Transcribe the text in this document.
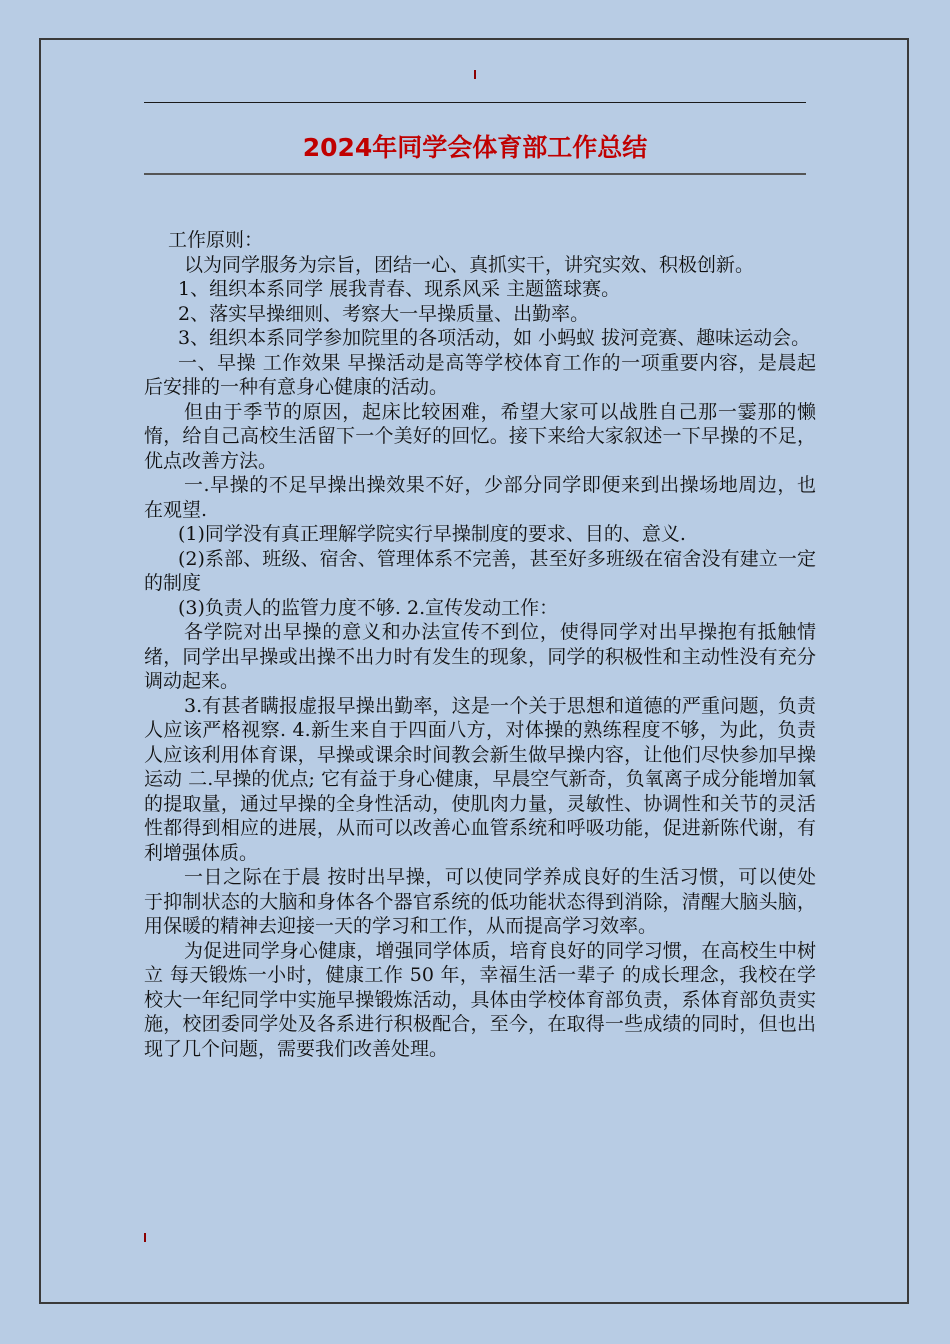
2024年同学会体育部工作总结

工作原则：

以为同学服务为宗旨，团结一心、真抓实干，讲究实效、积极创新。

1、组织本系同学 展我青春、现系风采 主题篮球赛。

2、落实早操细则、考察大一早操质量、出勤率。

3、组织本系同学参加院里的各项活动，如 小蚂蚁 拔河竞赛、趣味运动会。

一、早操 工作效果 早操活动是高等学校体育工作的一项重要内容，是晨起后安排的一种有意身心健康的活动。

但由于季节的原因，起床比较困难，希望大家可以战胜自己那一霎那的懒惰，给自己高校生活留下一个美好的回忆。接下来给大家叙述一下早操的不足，优点改善方法。

一.早操的不足早操出操效果不好，少部分同学即便来到出操场地周边，也在观望.

(1)同学没有真正理解学院实行早操制度的要求、目的、意义.

(2)系部、班级、宿舍、管理体系不完善，甚至好多班级在宿舍没有建立一定的制度

(3)负责人的监管力度不够. 2.宣传发动工作：

各学院对出早操的意义和办法宣传不到位，使得同学对出早操抱有抵触情绪，同学出早操或出操不出力时有发生的现象，同学的积极性和主动性没有充分调动起来。

3.有甚者瞒报虚报早操出勤率，这是一个关于思想和道德的严重问题，负责人应该严格视察. 4.新生来自于四面八方，对体操的熟练程度不够，为此，负责人应该利用体育课，早操或课余时间教会新生做早操内容，让他们尽快参加早操运动 二.早操的优点; 它有益于身心健康，早晨空气新奇，负氧离子成分能增加氧的提取量，通过早操的全身性活动，使肌肉力量，灵敏性、协调性和关节的灵活性都得到相应的进展，从而可以改善心血管系统和呼吸功能，促进新陈代谢，有利增强体质。

一日之际在于晨 按时出早操，可以使同学养成良好的生活习惯，可以使处于抑制状态的大脑和身体各个器官系统的低功能状态得到消除，清醒大脑头脑，用保暖的精神去迎接一天的学习和工作，从而提高学习效率。

为促进同学身心健康，增强同学体质，培育良好的同学习惯，在高校生中树立 每天锻炼一小时，健康工作 50 年，幸福生活一辈子 的成长理念，我校在学校大一年纪同学中实施早操锻炼活动，具体由学校体育部负责，系体育部负责实施，校团委同学处及各系进行积极配合，至今，在取得一些成绩的同时，但也出现了几个问题，需要我们改善处理。
